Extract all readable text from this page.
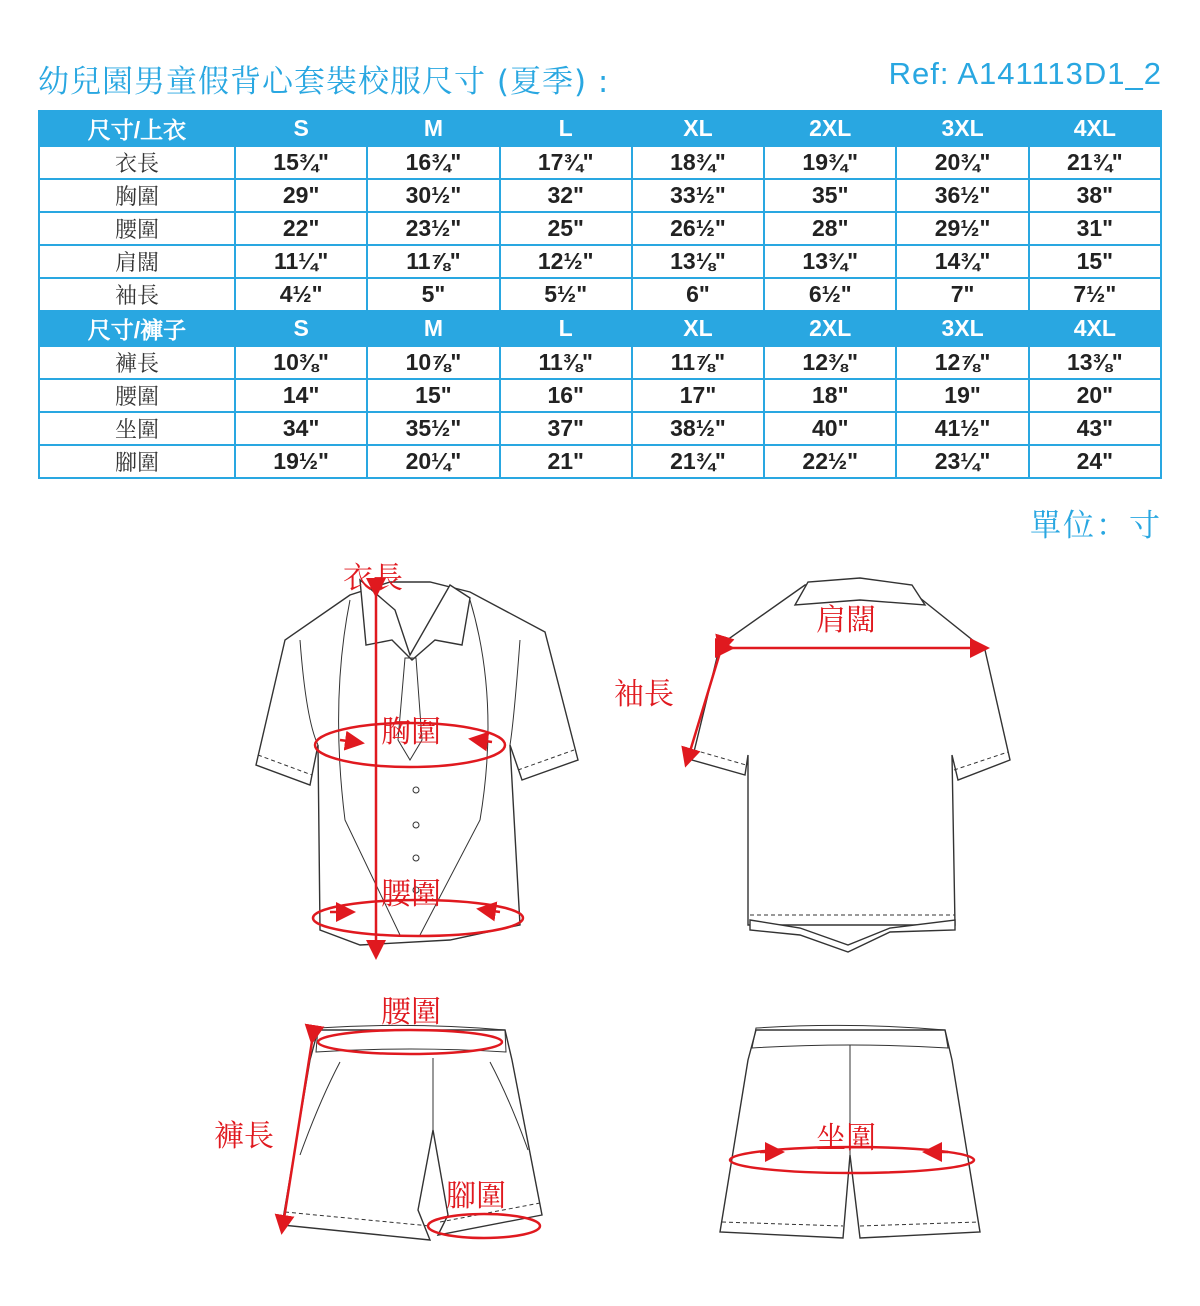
幼兒園男童假背心套裝校服尺寸 (夏季) :	Ref: A141113D1_2
尺寸/上衣	S	M	L	XL	2XL	3XL	4XL
衣長	15¾"	16¾"	17¾"	18¾"	19¾"	20¾"	21¾"
胸圍	29"	30½"	32"	33½"	35"	36½"	38"
腰圍	22"	23½"	25"	26½"	28"	29½"	31"
肩闊	11¼"	11⅞"	12½"	13⅛"	13¾"	14¾"	15"
袖長	4½"	5"	5½"	6"	6½"	7"	7½"
尺寸/褲子	S	M	L	XL	2XL	3XL	4XL
褲長	10⅜"	10⅞"	11⅜"	11⅞"	12⅜"	12⅞"	13⅜"
腰圍	14"	15"	16"	17"	18"	19"	20"
坐圍	34"	35½"	37"	38½"	40"	41½"	43"
腳圍	19½"	20¼"	21"	21¾"	22½"	23¼"	24"
單位：寸
衣長
胸圍
腰圍
肩闊
袖長
腰圍
褲長
腳圍
坐圍
